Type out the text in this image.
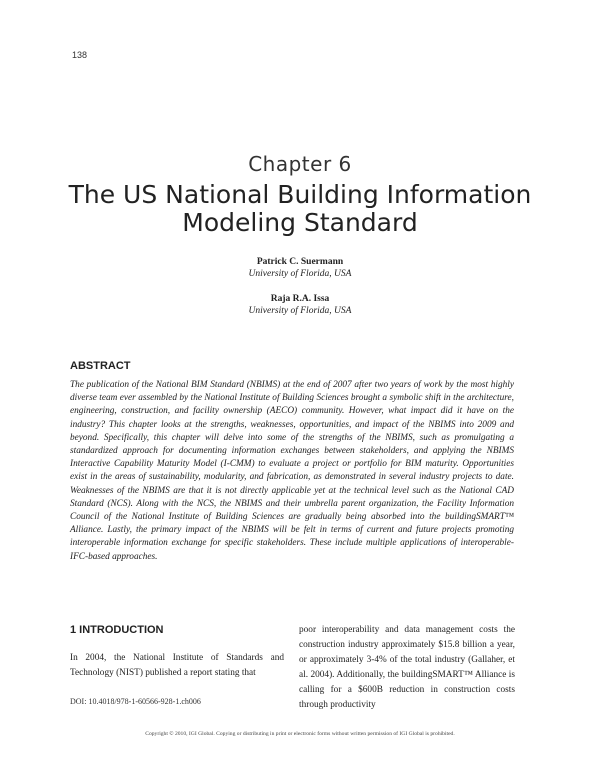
138
Chapter 6
The US National Building Information Modeling Standard
Patrick C. Suermann
University of Florida, USA
Raja R.A. Issa
University of Florida, USA
ABSTRACT

The publication of the National BIM Standard (NBIMS) at the end of 2007 after two years of work by the most highly diverse team ever assembled by the National Institute of Building Sciences brought a symbolic shift in the architecture, engineering, construction, and facility ownership (AECO) community. However, what impact did it have on the industry? This chapter looks at the strengths, weaknesses, opportunities, and impact of the NBIMS into 2009 and beyond. Specifically, this chapter will delve into some of the strengths of the NBIMS, such as promulgating a standardized approach for documenting information exchanges between stakeholders, and applying the NBIMS Interactive Capability Maturity Model (I-CMM) to evaluate a project or portfolio for BIM maturity. Opportunities exist in the areas of sustainability, modularity, and fabrication, as demonstrated in several industry projects to date. Weaknesses of the NBIMS are that it is not directly applicable yet at the technical level such as the National CAD Standard (NCS). Along with the NCS, the NBIMS and their umbrella parent organization, the Facility Information Council of the National Institute of Building Sciences are gradually being absorbed into the buildingSMART™ Alliance. Lastly, the primary impact of the NBIMS will be felt in terms of current and future projects promoting interoperable information exchange for specific stakeholders. These include multiple applications of interoperable-IFC-based approaches.

1 INTRODUCTION

In 2004, the National Institute of Standards and Technology (NIST) published a report stating that

DOI: 10.4018/978-1-60566-928-1.ch006

poor interoperability and data management costs the construction industry approximately $15.8 billion a year, or approximately 3-4% of the total industry (Gallaher, et al. 2004). Additionally, the buildingSMART™ Alliance is calling for a $600B reduction in construction costs through productivity

Copyright © 2010, IGI Global. Copying or distributing in print or electronic forms without written permission of IGI Global is prohibited.
